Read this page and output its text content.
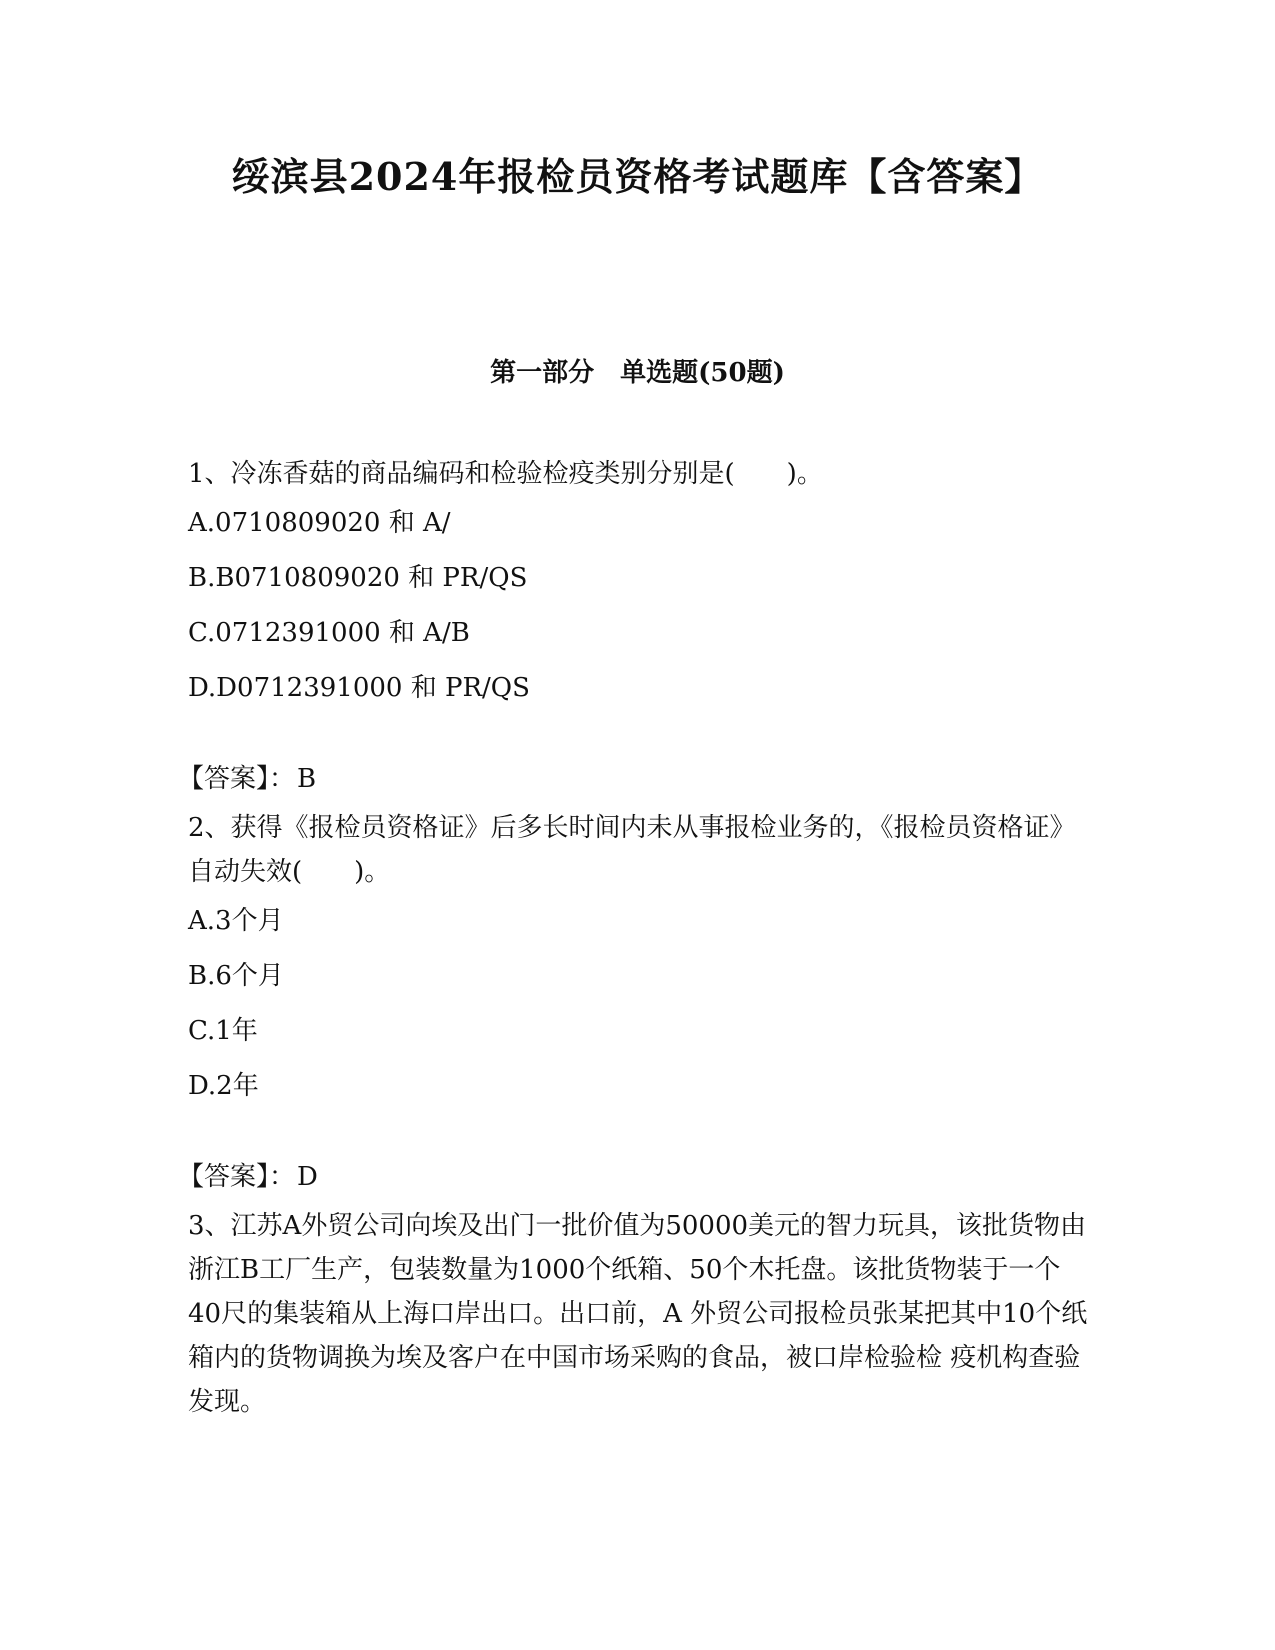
绥滨县2024年报检员资格考试题库【含答案】
第一部分　单选题(50题)

1、冷冻香菇的商品编码和检验检疫类别分别是(　　)。

A.0710809020 和 A/
B.B0710809020 和 PR/QS
C.0712391000 和 A/B
D.D0712391000 和 PR/QS
【答案】：B

2、获得《报检员资格证》后多长时间内未从事报检业务的，《报检员资格证》自动失效(　　)。

A.3个月
B.6个月
C.1年
D.2年
【答案】：D

3、江苏A外贸公司向埃及出门一批价值为50000美元的智力玩具，该批货物由浙江B工厂生产，包装数量为1000个纸箱、50个木托盘。该批货物装于一个40尺的集装箱从上海口岸出口。出口前，A 外贸公司报检员张某把其中10个纸箱内的货物调换为埃及客户在中国市场采购的食品，被口岸检验检 疫机构查验发现。
